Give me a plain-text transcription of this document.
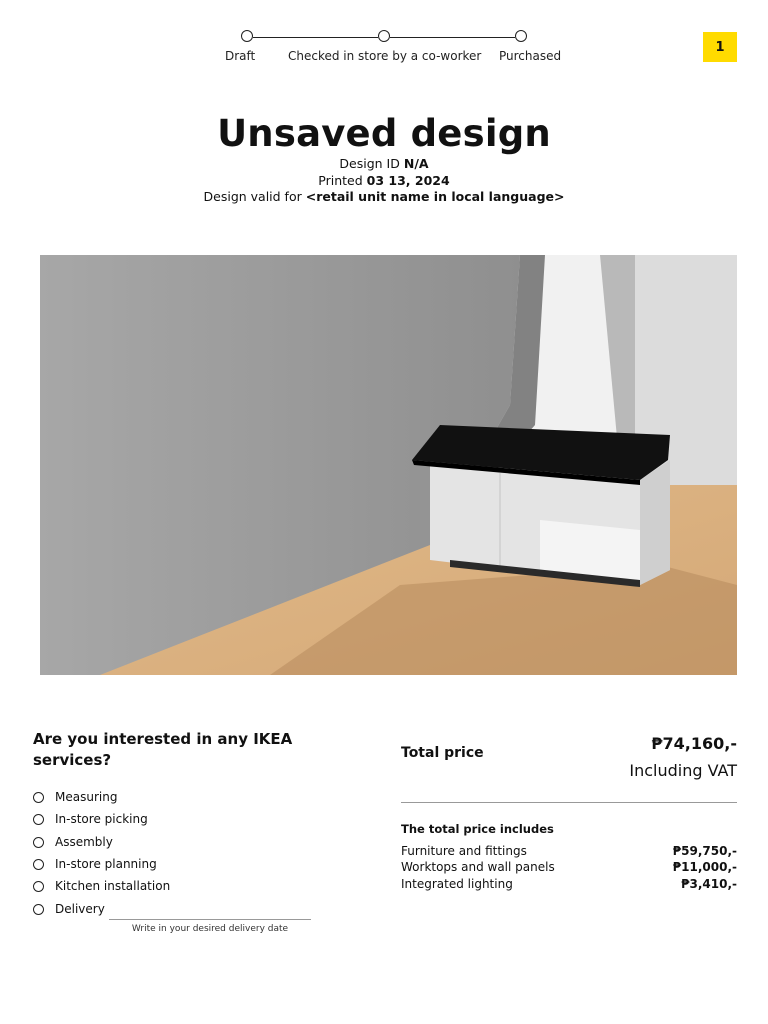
Draft	Checked in store by a co-worker Purchased
1
Unsaved design
Design ID N/A
Printed 03 13, 2024
Design valid for <retail unit name in local language>
Are you interested in any IKEA services?
Measuring
In-store picking
Assembly
In-store planning
Kitchen installation
Delivery
Write in your desired delivery date
Total price	₱74,160,-
Including VAT
The total price includes
Furniture and fittings	₱59,750,-
Worktops and wall panels	₱11,000,-
Integrated lighting	₱3,410,-
